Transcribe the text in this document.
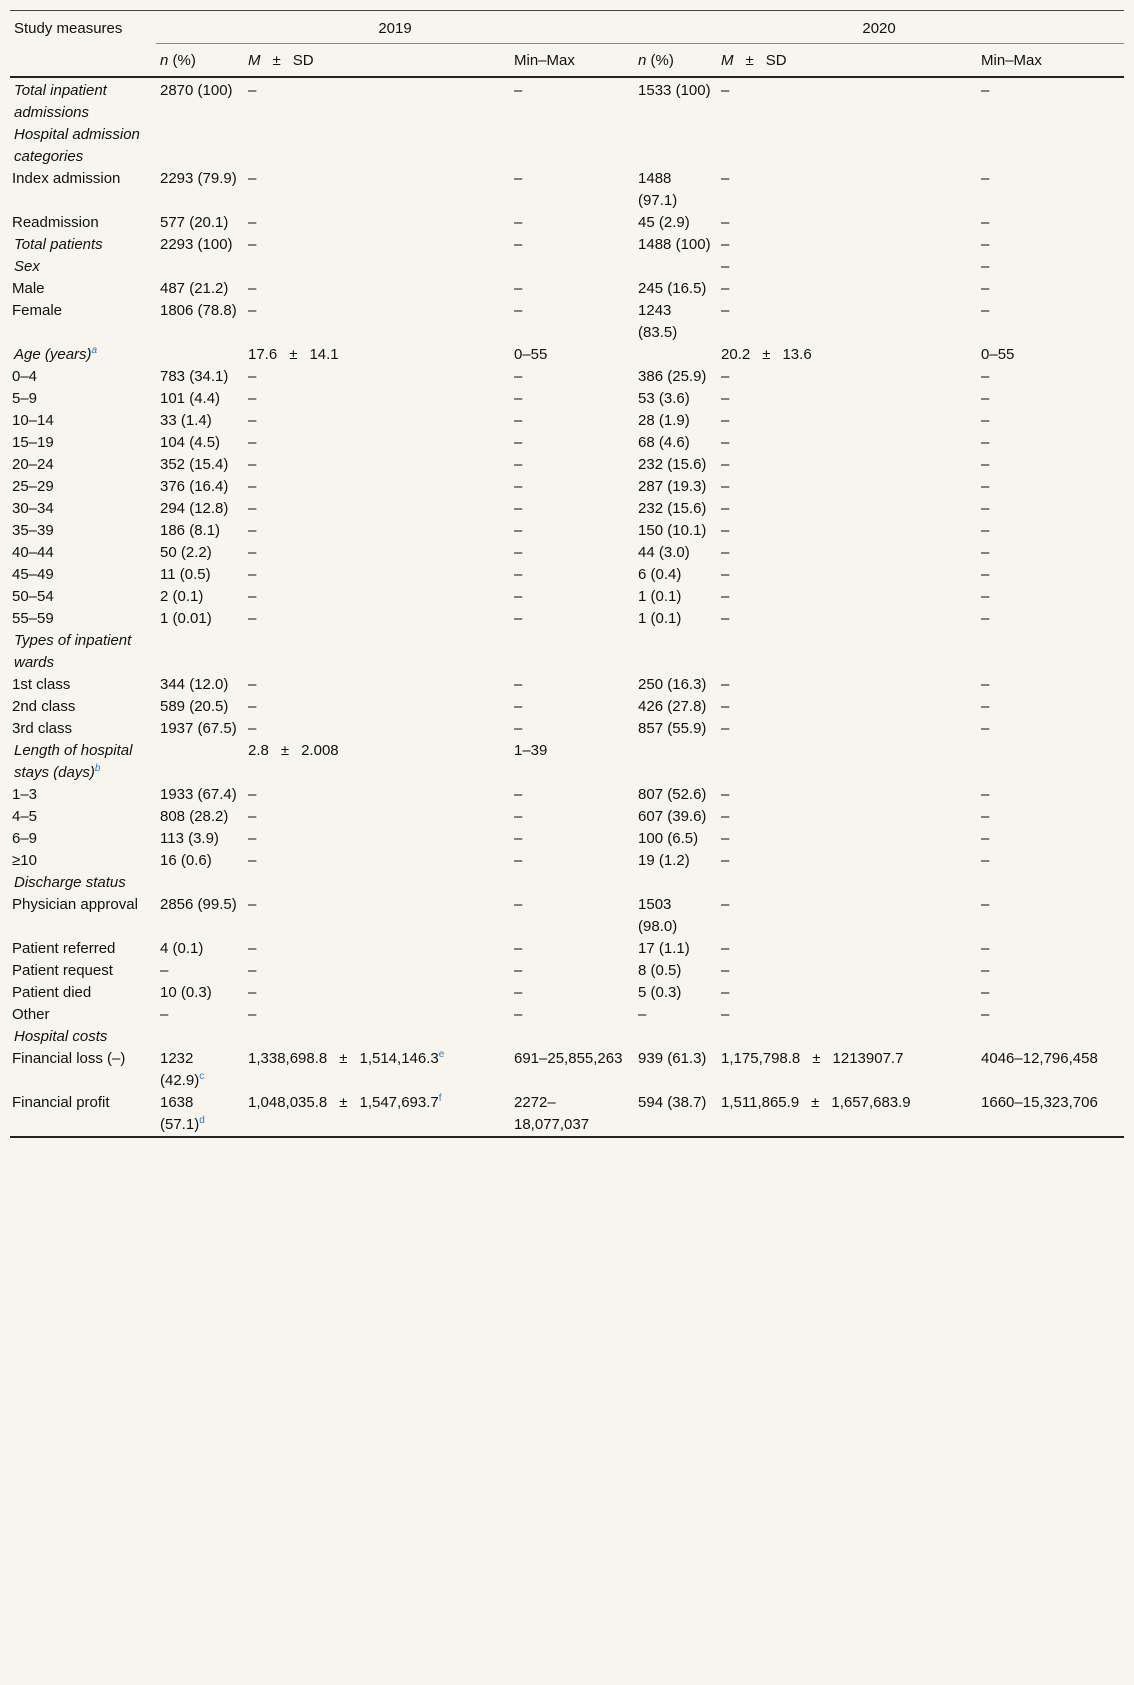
Study measures	2019			2020		
	n (%)	M ± SD	Min–Max	n (%)	M ± SD	Min–Max
Total inpatient admissions	2870 (100)	–	–	1533 (100)	–	–
Hospital admission categories						
Index admission	2293 (79.9)	–	–	1488 (97.1)	–	–
Readmission	577 (20.1)	–	–	45 (2.9)	–	–
Total patients	2293 (100)	–	–	1488 (100)	–	–
Sex					–	–
Male	487 (21.2)	–	–	245 (16.5)	–	–
Female	1806 (78.8)	–	–	1243 (83.5)	–	–
Age (years)$^a$		17.6 ± 14.1	0–55		20.2 ± 13.6	0–55
0–4	783 (34.1)	–	–	386 (25.9)	–	–
5–9	101 (4.4)	–	–	53 (3.6)	–	–
10–14	33 (1.4)	–	–	28 (1.9)	–	–
15–19	104 (4.5)	–	–	68 (4.6)	–	–
20–24	352 (15.4)	–	–	232 (15.6)	–	–
25–29	376 (16.4)	–	–	287 (19.3)	–	–
30–34	294 (12.8)	–	–	232 (15.6)	–	–
35–39	186 (8.1)	–	–	150 (10.1)	–	–
40–44	50 (2.2)	–	–	44 (3.0)	–	–
45–49	11 (0.5)	–	–	6 (0.4)	–	–
50–54	2 (0.1)	–	–	1 (0.1)	–	–
55–59	1 (0.01)	–	–	1 (0.1)	–	–
Types of inpatient wards						
1st class	344 (12.0)	–	–	250 (16.3)	–	–
2nd class	589 (20.5)	–	–	426 (27.8)	–	–
3rd class	1937 (67.5)	–	–	857 (55.9)	–	–
Length of hospital stays (days)$^b$		2.8 ± 2.008	1–39			
1–3	1933 (67.4)	–	–	807 (52.6)	–	–
4–5	808 (28.2)	–	–	607 (39.6)	–	–
6–9	113 (3.9)	–	–	100 (6.5)	–	–
≥10	16 (0.6)	–	–	19 (1.2)	–	–
Discharge status						
Physician approval	2856 (99.5)	–	–	1503 (98.0)	–	–
Patient referred	4 (0.1)	–	–	17 (1.1)	–	–
Patient request	–	–	–	8 (0.5)	–	–
Patient died	10 (0.3)	–	–	5 (0.3)	–	–
Other	–	–	–	–	–	–
Hospital costs						
Financial loss (–)	1232 $(42.9)^c$	1,338,698.8 ± 1,514,146.3$^e$	691–25,855,263	939 (61.3)	1,175,798.8 ± 1213907.7	4046–12,796,458
Financial profit	1638 $(57.1)^d$	1,048,035.8 ± 1,547,693.7$^f$	2272–18,077,037	594 (38.7)	1,511,865.9 ± 1,657,683.9	1660–15,323,706
